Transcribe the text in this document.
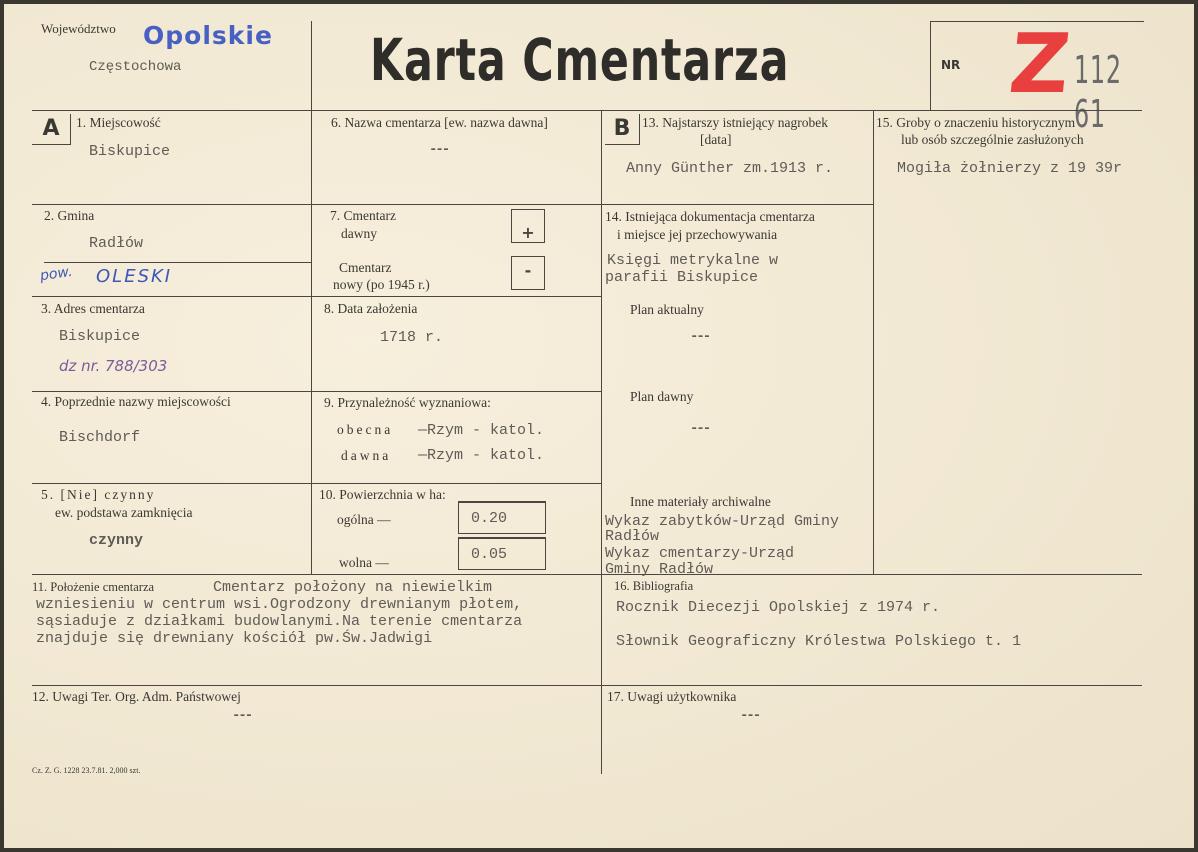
Województwo Opolskie
Częstochowa	Karta Cmentarza	NR Z 112 61
A	1. Miejscowość
Biskupice
2. Gmina
Radłów
pow. OLESKI
3. Adres cmentarza
Biskupice
dz nr. 788/303
4. Poprzednie nazwy miejscowości
Bischdorf
5. [Nie] czynny
ew. podstawa zamknięcia
czynny
6. Nazwa cmentarza [ew. nazwa dawna]
---
7. Cmentarz
dawny	+
Cmentarz
nowy (po 1945 r.)
-
8. Data założenia
1718 r.
9. Przynależność wyznaniowa:
obecna —Rzym - katol.
dawna —Rzym - katol.
10. Powierzchnia w ha:
ogólna —	0.20
wolna —	0.05
B 13. Najstarszy istniejący nagrobek
[data]
Anny Günther zm.1913 r.
14. Istniejąca dokumentacja cmentarza
i miejsce jej przechowywania
Księgi metrykalne w
parafii Biskupice
Plan aktualny
---
Plan dawny
---
Inne materiały archiwalne
Wykaz zabytków-Urząd Gminy
Radłów
Wykaz cmentarzy-Urząd
Gminy Radłów
15. Groby o znaczeniu historycznym
lub osób szczególnie zasłużonych
Mogiła żołnierzy z 19 39r
11. Położenie cmentarza	Cmentarz położony na niewielkim
wzniesieniu w centrum wsi.Ogrodzony drewnianym płotem,
sąsiaduje z działkami budowlanymi.Na terenie cmentarza
znajduje się drewniany kościół pw.Św.Jadwigi
16. Bibliografia
Rocznik Diecezji Opolskiej z 1974 r.
Słownik Geograficzny Królestwa Polskiego t. 1
12. Uwagi Ter. Org. Adm. Państwowej
---
17. Uwagi użytkownika
---
Cz. Z. G. 1228 23.7.81. 2,000 szt.
